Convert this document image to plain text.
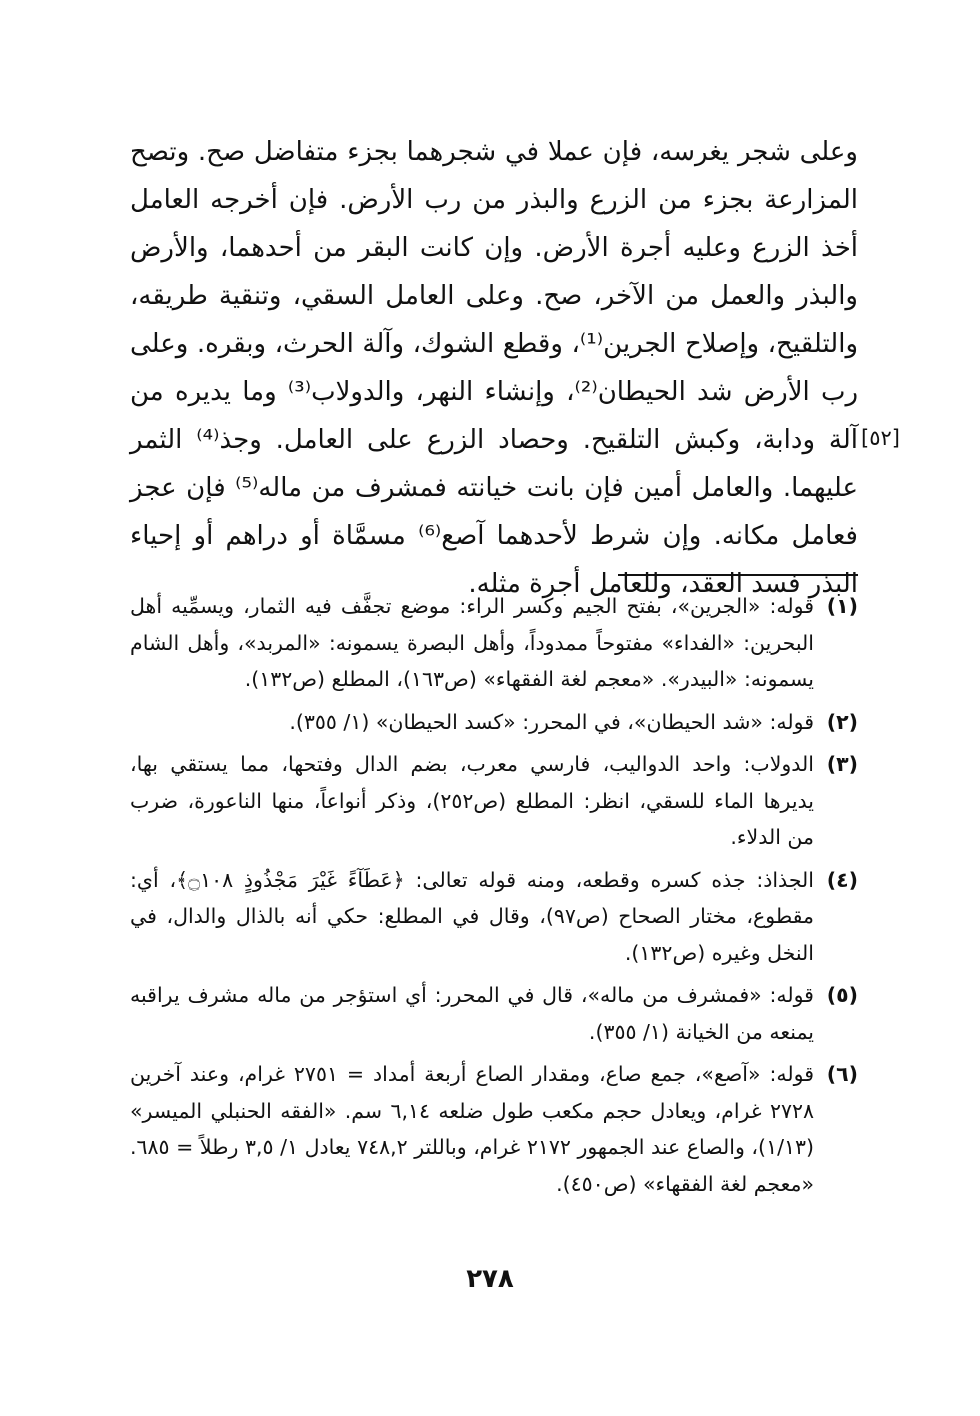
وعلى شجر يغرسه، فإن عملا في شجرهما بجزء متفاضل صح. وتصح المزارعة بجزء من الزرع والبذر من رب الأرض. فإن أخرجه العامل أخذ الزرع وعليه أجرة الأرض. وإن كانت البقر من أحدهما، والأرض والبذر والعمل من الآخر، صح. وعلى العامل السقي، وتنقية طريقه، والتلقيح، وإصلاح الجرين⁽¹⁾، وقطع الشوك، وآلة الحرث، وبقره. وعلى رب الأرض شد الحيطان⁽²⁾، وإنشاء النهر، والدولاب⁽³⁾ وما يديره من آلة ودابة، وكبش التلقيح. وحصاد الزرع على العامل. وجذ⁽⁴⁾ الثمر عليهما. والعامل أمين فإن بانت خيانته فمشرف من ماله⁽⁵⁾ فإن عجز فعامل مكانه. وإن شرط لأحدهما آصع⁽⁶⁾ مسمَّاة أو دراهم أو إحياء البذر فسد العقد، وللعامل أجرة مثله.

[٥٢]
(١)
قوله: «الجرين»، بفتح الجيم وكسر الراء: موضع تجفَّف فيه الثمار، ويسمِّيه أهل البحرين: «الفداء» مفتوحاً ممدوداً، وأهل البصرة يسمونه: «المربد»، وأهل الشام يسمونه: «البيدر». «معجم لغة الفقهاء» (ص١٦٣)، المطلع (ص١٣٢).
(٢)
قوله: «شد الحيطان»، في المحرر: «كسد الحيطان» (١/ ٣٥٥).
(٣)
الدولاب: واحد الدواليب، فارسي معرب، بضم الدال وفتحها، مما يستقي بها، يديرها الماء للسقي، انظر: المطلع (ص٢٥٢)، وذكر أنواعاً، منها الناعورة، ضرب من الدلاء.
(٤)
الجذاذ: جذه كسره وقطعه، ومنه قوله تعالى: ﴿عَطَآءً غَيْرَ مَجْذُوذٍ ۝١٠٨﴾، أي: مقطوع، مختار الصحاح (ص٩٧)، وقال في المطلع: حكي أنه بالذال والدال، في النخل وغيره (ص١٣٢).
(٥)
قوله: «فمشرف من ماله»، قال في المحرر: أي استؤجر من ماله مشرف يراقبه يمنعه من الخيانة (١/ ٣٥٥).
(٦)
قوله: «آصع»، جمع صاع، ومقدار الصاع أربعة أمداد = ٢٧٥١ غرام، وعند آخرين ٢٧٢٨ غرام، ويعادل حجم مكعب طول ضلعه ٦,١٤ سم. «الفقه الحنبلي الميسر» (١/١٣)، والصاع عند الجمهور ٢١٧٢ غرام، وباللتر ٧٤٨,٢ يعادل ١/ ٣,٥ رطلاً = ٦٨٥. «معجم لغة الفقهاء» (ص٤٥٠).
٢٧٨
